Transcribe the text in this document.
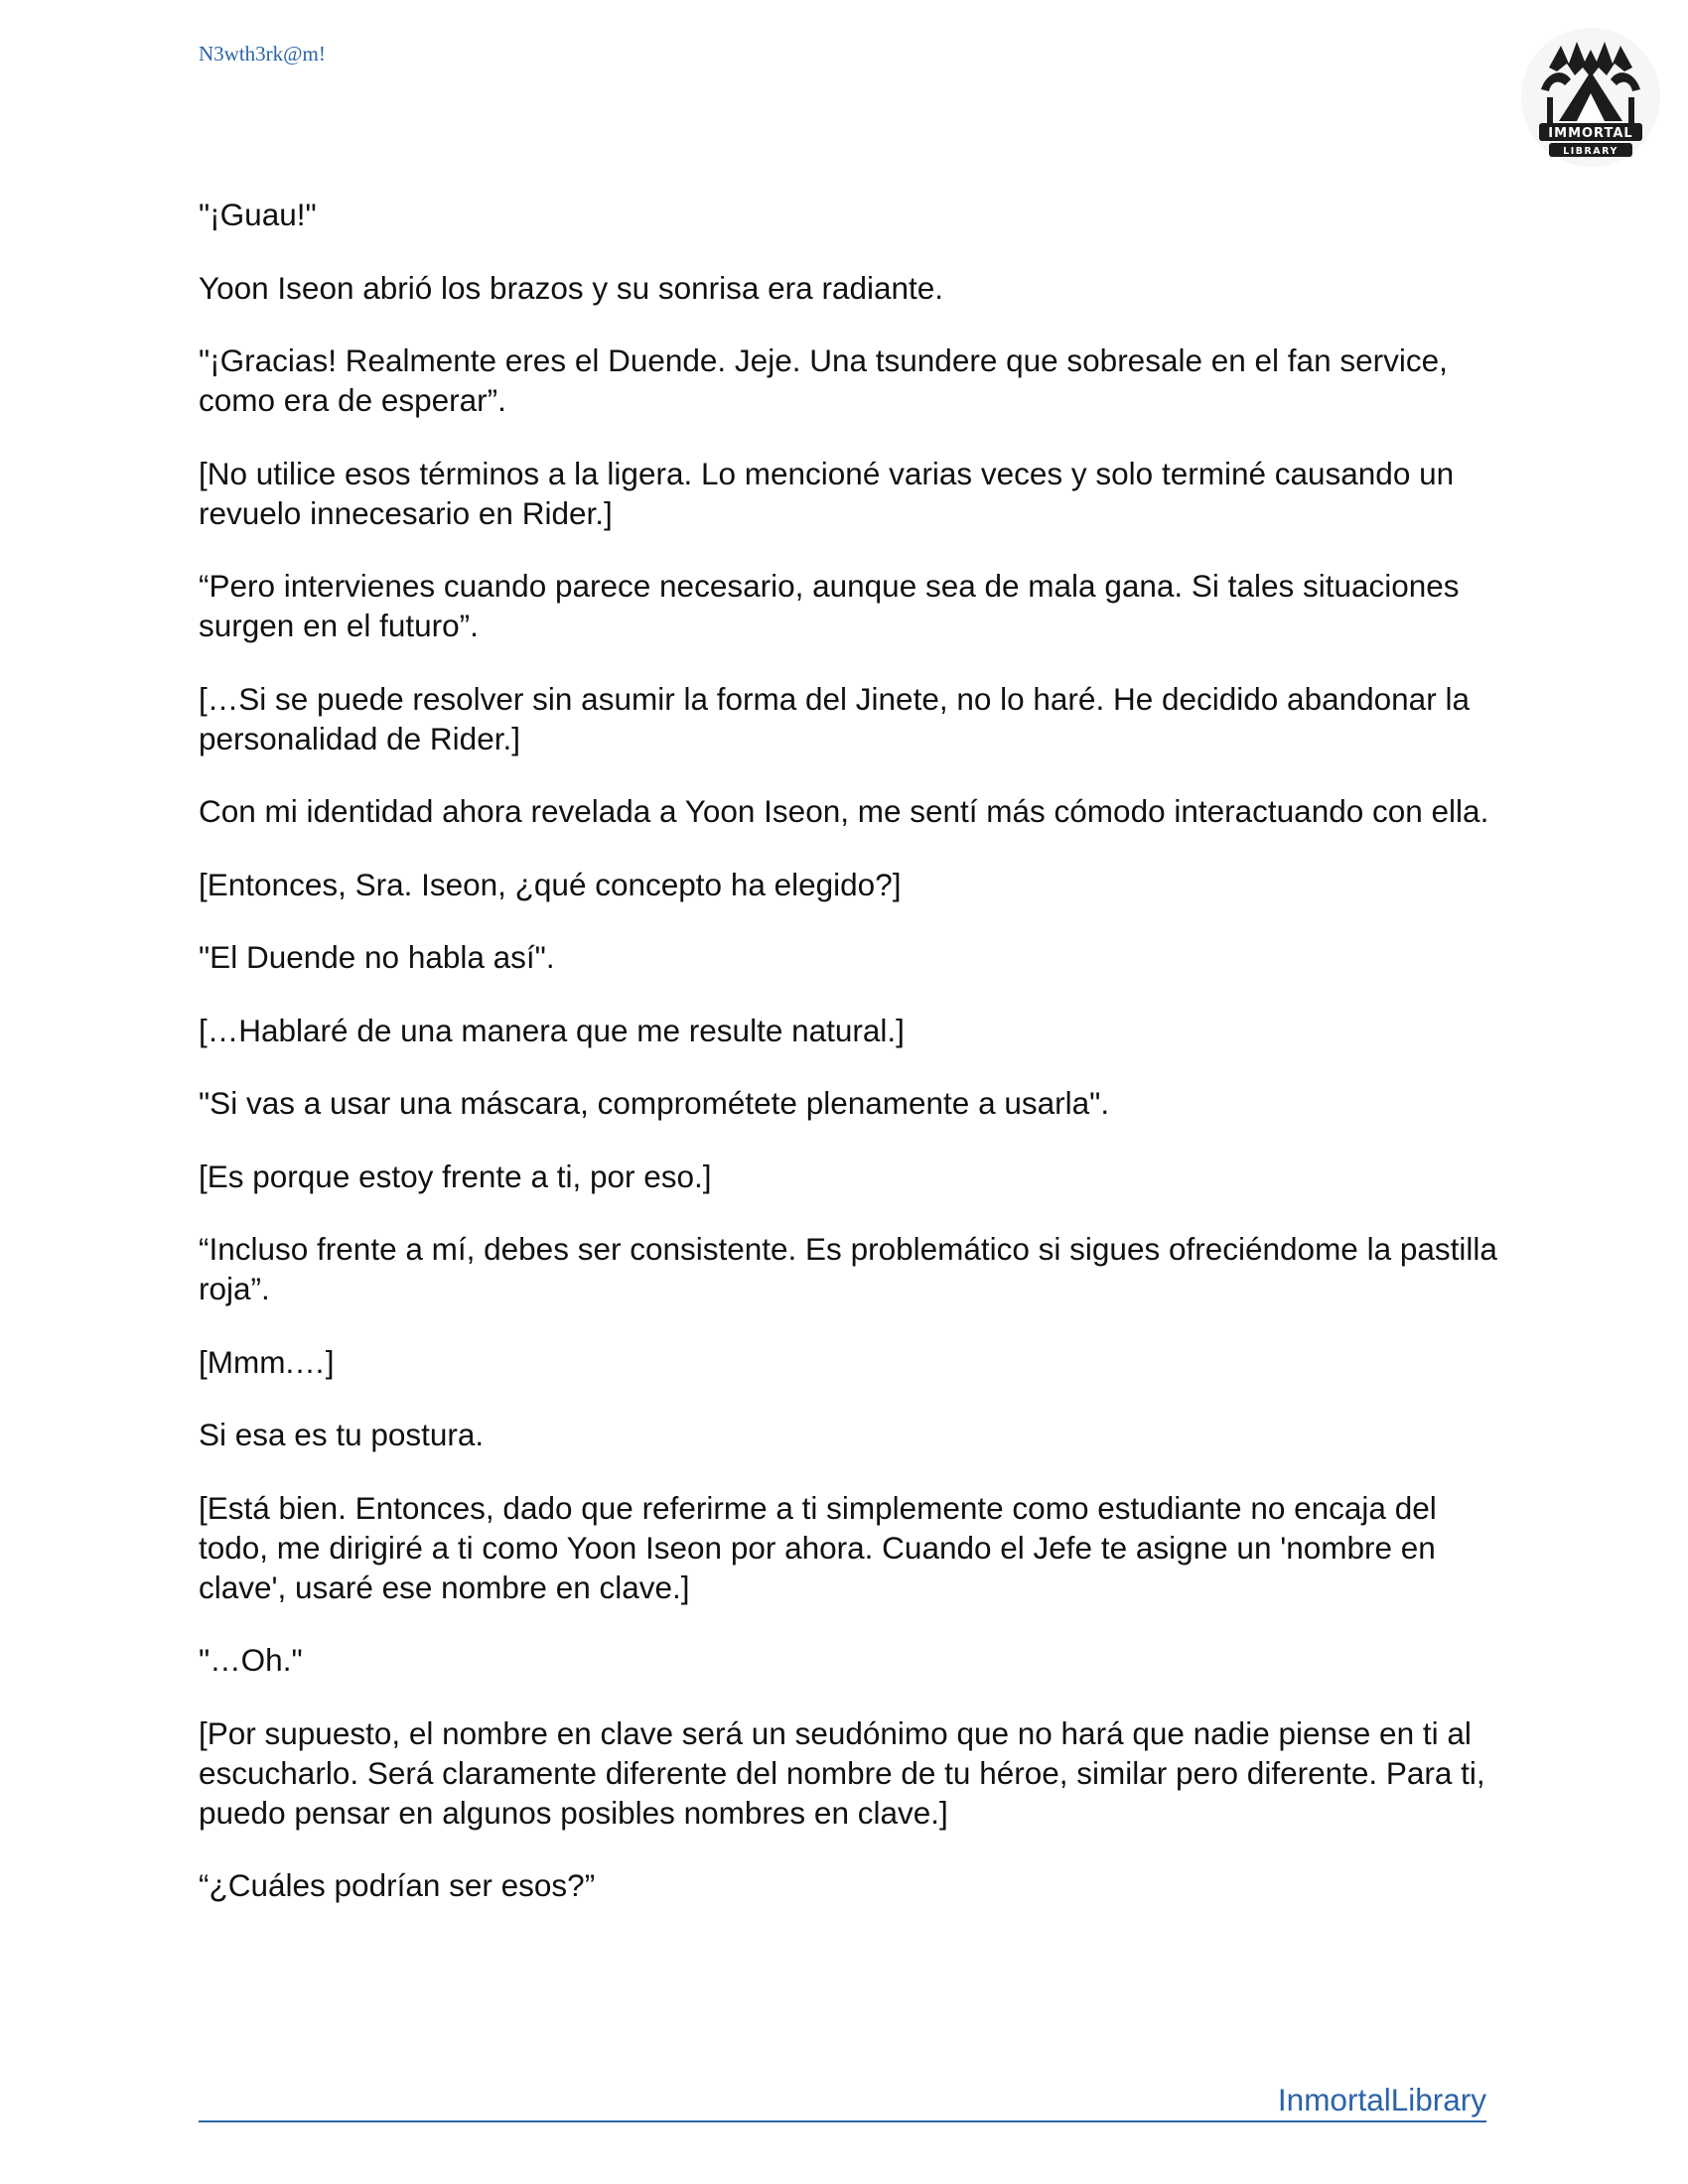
N3wth3rk@m!
IMMORTAL
LIBRARY

"¡Guau!"

Yoon Iseon abrió los brazos y su sonrisa era radiante.

"¡Gracias! Realmente eres el Duende. Jeje. Una tsundere que sobresale en el fan service, como era de esperar”.

[No utilice esos términos a la ligera. Lo mencioné varias veces y solo terminé causando un revuelo innecesario en Rider.]

“Pero intervienes cuando parece necesario, aunque sea de mala gana. Si tales situaciones surgen en el futuro”.

[…Si se puede resolver sin asumir la forma del Jinete, no lo haré. He decidido abandonar la personalidad de Rider.]

Con mi identidad ahora revelada a Yoon Iseon, me sentí más cómodo interactuando con ella.

[Entonces, Sra. Iseon, ¿qué concepto ha elegido?]

"El Duende no habla así".

[…Hablaré de una manera que me resulte natural.]

"Si vas a usar una máscara, comprométete plenamente a usarla".

[Es porque estoy frente a ti, por eso.]

“Incluso frente a mí, debes ser consistente. Es problemático si sigues ofreciéndome la pastilla roja”.

[Mmm.…]

Si esa es tu postura.

[Está bien. Entonces, dado que referirme a ti simplemente como estudiante no encaja del todo, me dirigiré a ti como Yoon Iseon por ahora. Cuando el Jefe te asigne un 'nombre en clave', usaré ese nombre en clave.]

"…Oh."

[Por supuesto, el nombre en clave será un seudónimo que no hará que nadie piense en ti al escucharlo. Será claramente diferente del nombre de tu héroe, similar pero diferente. Para ti, puedo pensar en algunos posibles nombres en clave.]

“¿Cuáles podrían ser esos?”

InmortalLibrary
